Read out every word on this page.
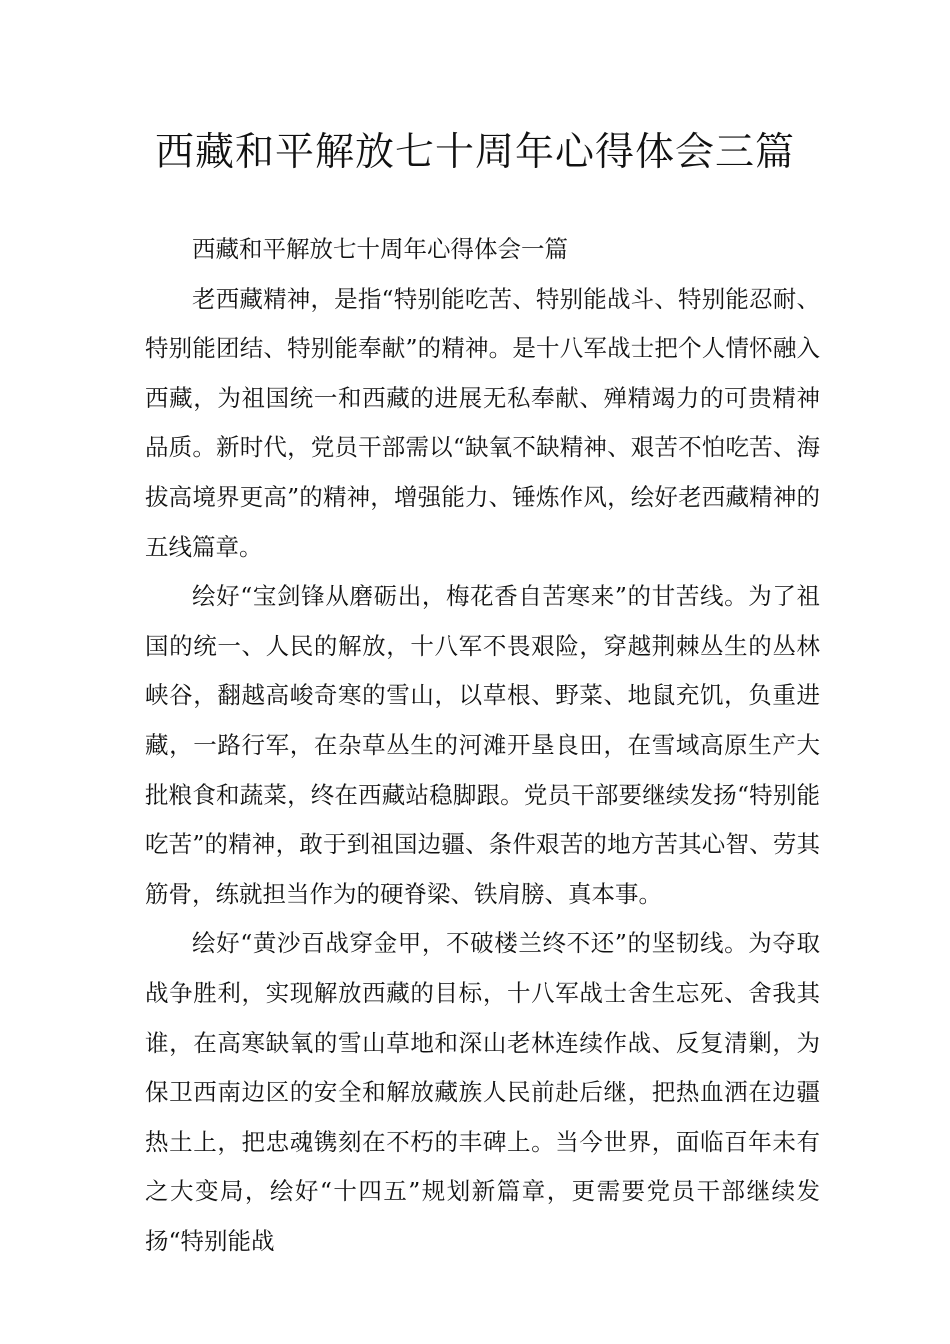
西藏和平解放七十周年心得体会三篇

西藏和平解放七十周年心得体会一篇

老西藏精神，是指“特别能吃苦、特别能战斗、特别能忍耐、特别能团结、特别能奉献”的精神。是十八军战士把个人情怀融入西藏，为祖国统一和西藏的进展无私奉献、殚精竭力的可贵精神品质。新时代，党员干部需以“缺氧不缺精神、艰苦不怕吃苦、海拔高境界更高”的精神，增强能力、锤炼作风，绘好老西藏精神的五线篇章。

绘好“宝剑锋从磨砺出，梅花香自苦寒来”的甘苦线。为了祖国的统一、人民的解放，十八军不畏艰险，穿越荆棘丛生的丛林峡谷，翻越高峻奇寒的雪山，以草根、野菜、地鼠充饥，负重进藏，一路行军，在杂草丛生的河滩开垦良田，在雪域高原生产大批粮食和蔬菜，终在西藏站稳脚跟。党员干部要继续发扬“特别能吃苦”的精神，敢于到祖国边疆、条件艰苦的地方苦其心智、劳其筋骨，练就担当作为的硬脊梁、铁肩膀、真本事。

绘好“黄沙百战穿金甲，不破楼兰终不还”的坚韧线。为夺取战争胜利，实现解放西藏的目标，十八军战士舍生忘死、舍我其谁，在高寒缺氧的雪山草地和深山老林连续作战、反复清剿，为保卫西南边区的安全和解放藏族人民前赴后继，把热血洒在边疆热土上，把忠魂镌刻在不朽的丰碑上。当今世界，面临百年未有之大变局，绘好“十四五”规划新篇章，更需要党员干部继续发扬“特别能战
